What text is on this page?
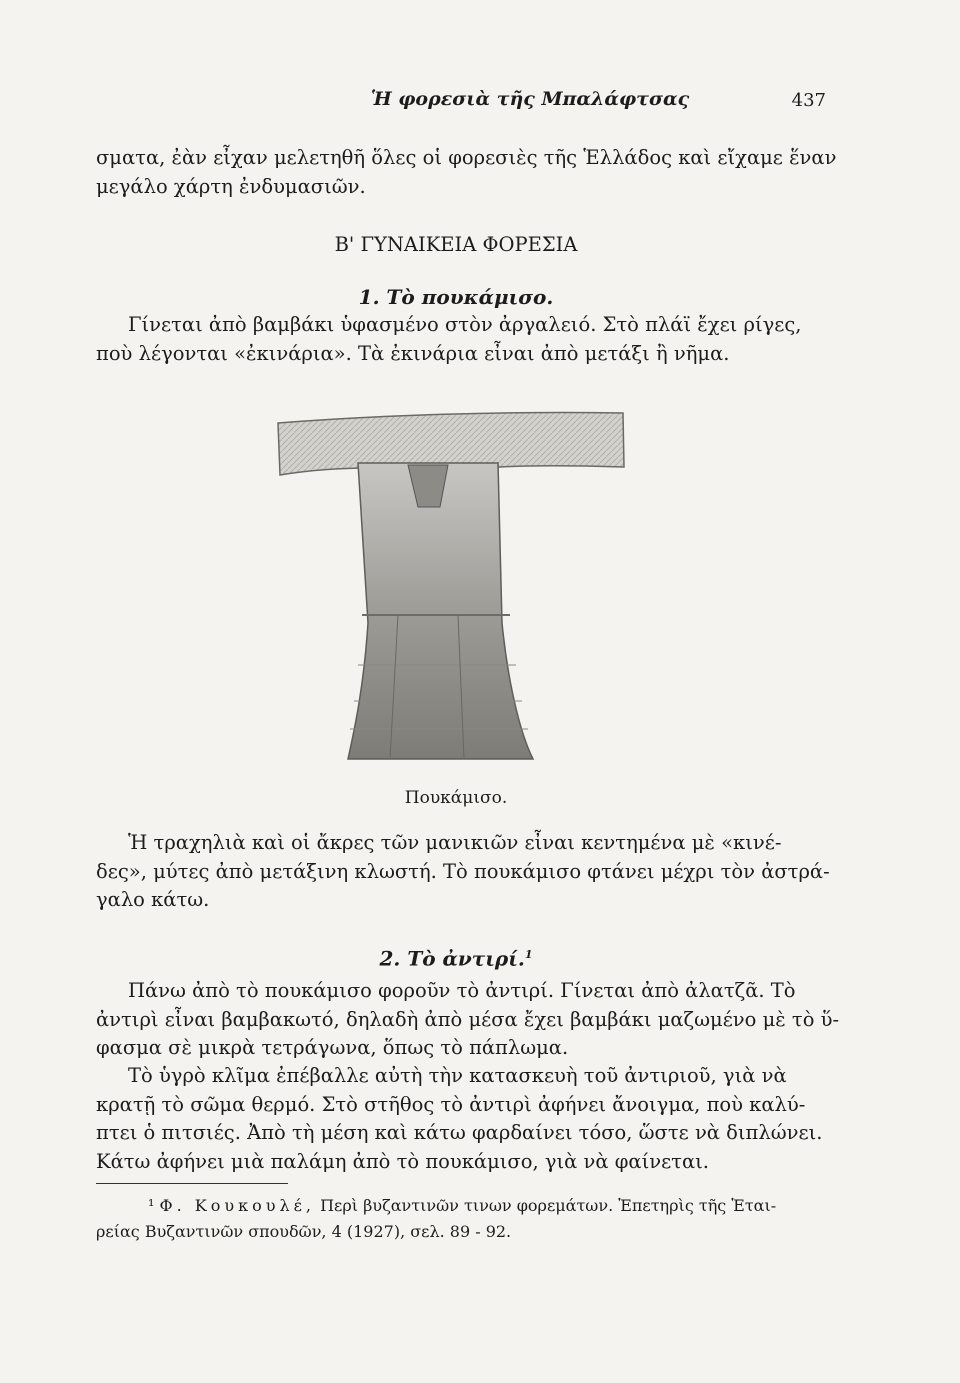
Ἡ φορεσιὰ τῆς Μπαλάφτσας	437
σματα, ἐὰν εἶχαν μελετηθῆ ὅλες οἱ φορεσιὲς τῆς Ἑλλάδος καὶ εἴχαμε ἕναν
μεγάλο χάρτη ἐνδυμασιῶν.
Β' ΓΥΝΑΙΚΕΙΑ ΦΟΡΕΣΙΑ
1. Τὸ πουκάμισο.
Γίνεται ἀπὸ βαμβάκι ὑφασμένο στὸν ἀργαλειό. Στὸ πλάϊ ἔχει ρίγες,
ποὺ λέγονται «ἐκινάρια». Τὰ ἐκινάρια εἶναι ἀπὸ μετάξι ἢ νῆμα.
Πουκάμισο.
Ἡ τραχηλιὰ καὶ οἱ ἄκρες τῶν μανικιῶν εἶναι κεντημένα μὲ «κινέ-
δες», μύτες ἀπὸ μετάξινη κλωστή. Τὸ πουκάμισο φτάνει μέχρι τὸν ἀστρά-
γαλο κάτω.
2. Τὸ ἀντιρί.$^1$
Πάνω ἀπὸ τὸ πουκάμισο φοροῦν τὸ ἀντιρί. Γίνεται ἀπὸ ἀλατζᾶ. Τὸ
ἀντιρὶ εἶναι βαμβακωτό, δηλαδὴ ἀπὸ μέσα ἔχει βαμβάκι μαζωμένο μὲ τὸ ὕ-
φασμα σὲ μικρὰ τετράγωνα, ὅπως τὸ πάπλωμα.
Τὸ ὑγρὸ κλῖμα ἐπέβαλλε αὐτὴ τὴν κατασκευὴ τοῦ ἀντιριοῦ, γιὰ νὰ
κρατῇ τὸ σῶμα θερμό. Στὸ στῆθος τὸ ἀντιρὶ ἀφήνει ἄνοιγμα, ποὺ καλύ-
πτει ὁ πιτσιές. Ἀπὸ τὴ μέση καὶ κάτω φαρδαίνει τόσο, ὥστε νὰ διπλώνει.
Κάτω ἀφήνει μιὰ παλάμη ἀπὸ τὸ πουκάμισο, γιὰ νὰ φαίνεται.
¹ Φ. Κουκουλέ, Περὶ βυζαντινῶν τινων φορεμάτων. Ἐπετηρὶς τῆς Ἑται-
ρείας Βυζαντινῶν σπουδῶν, 4 (1927), σελ. 89 - 92.
